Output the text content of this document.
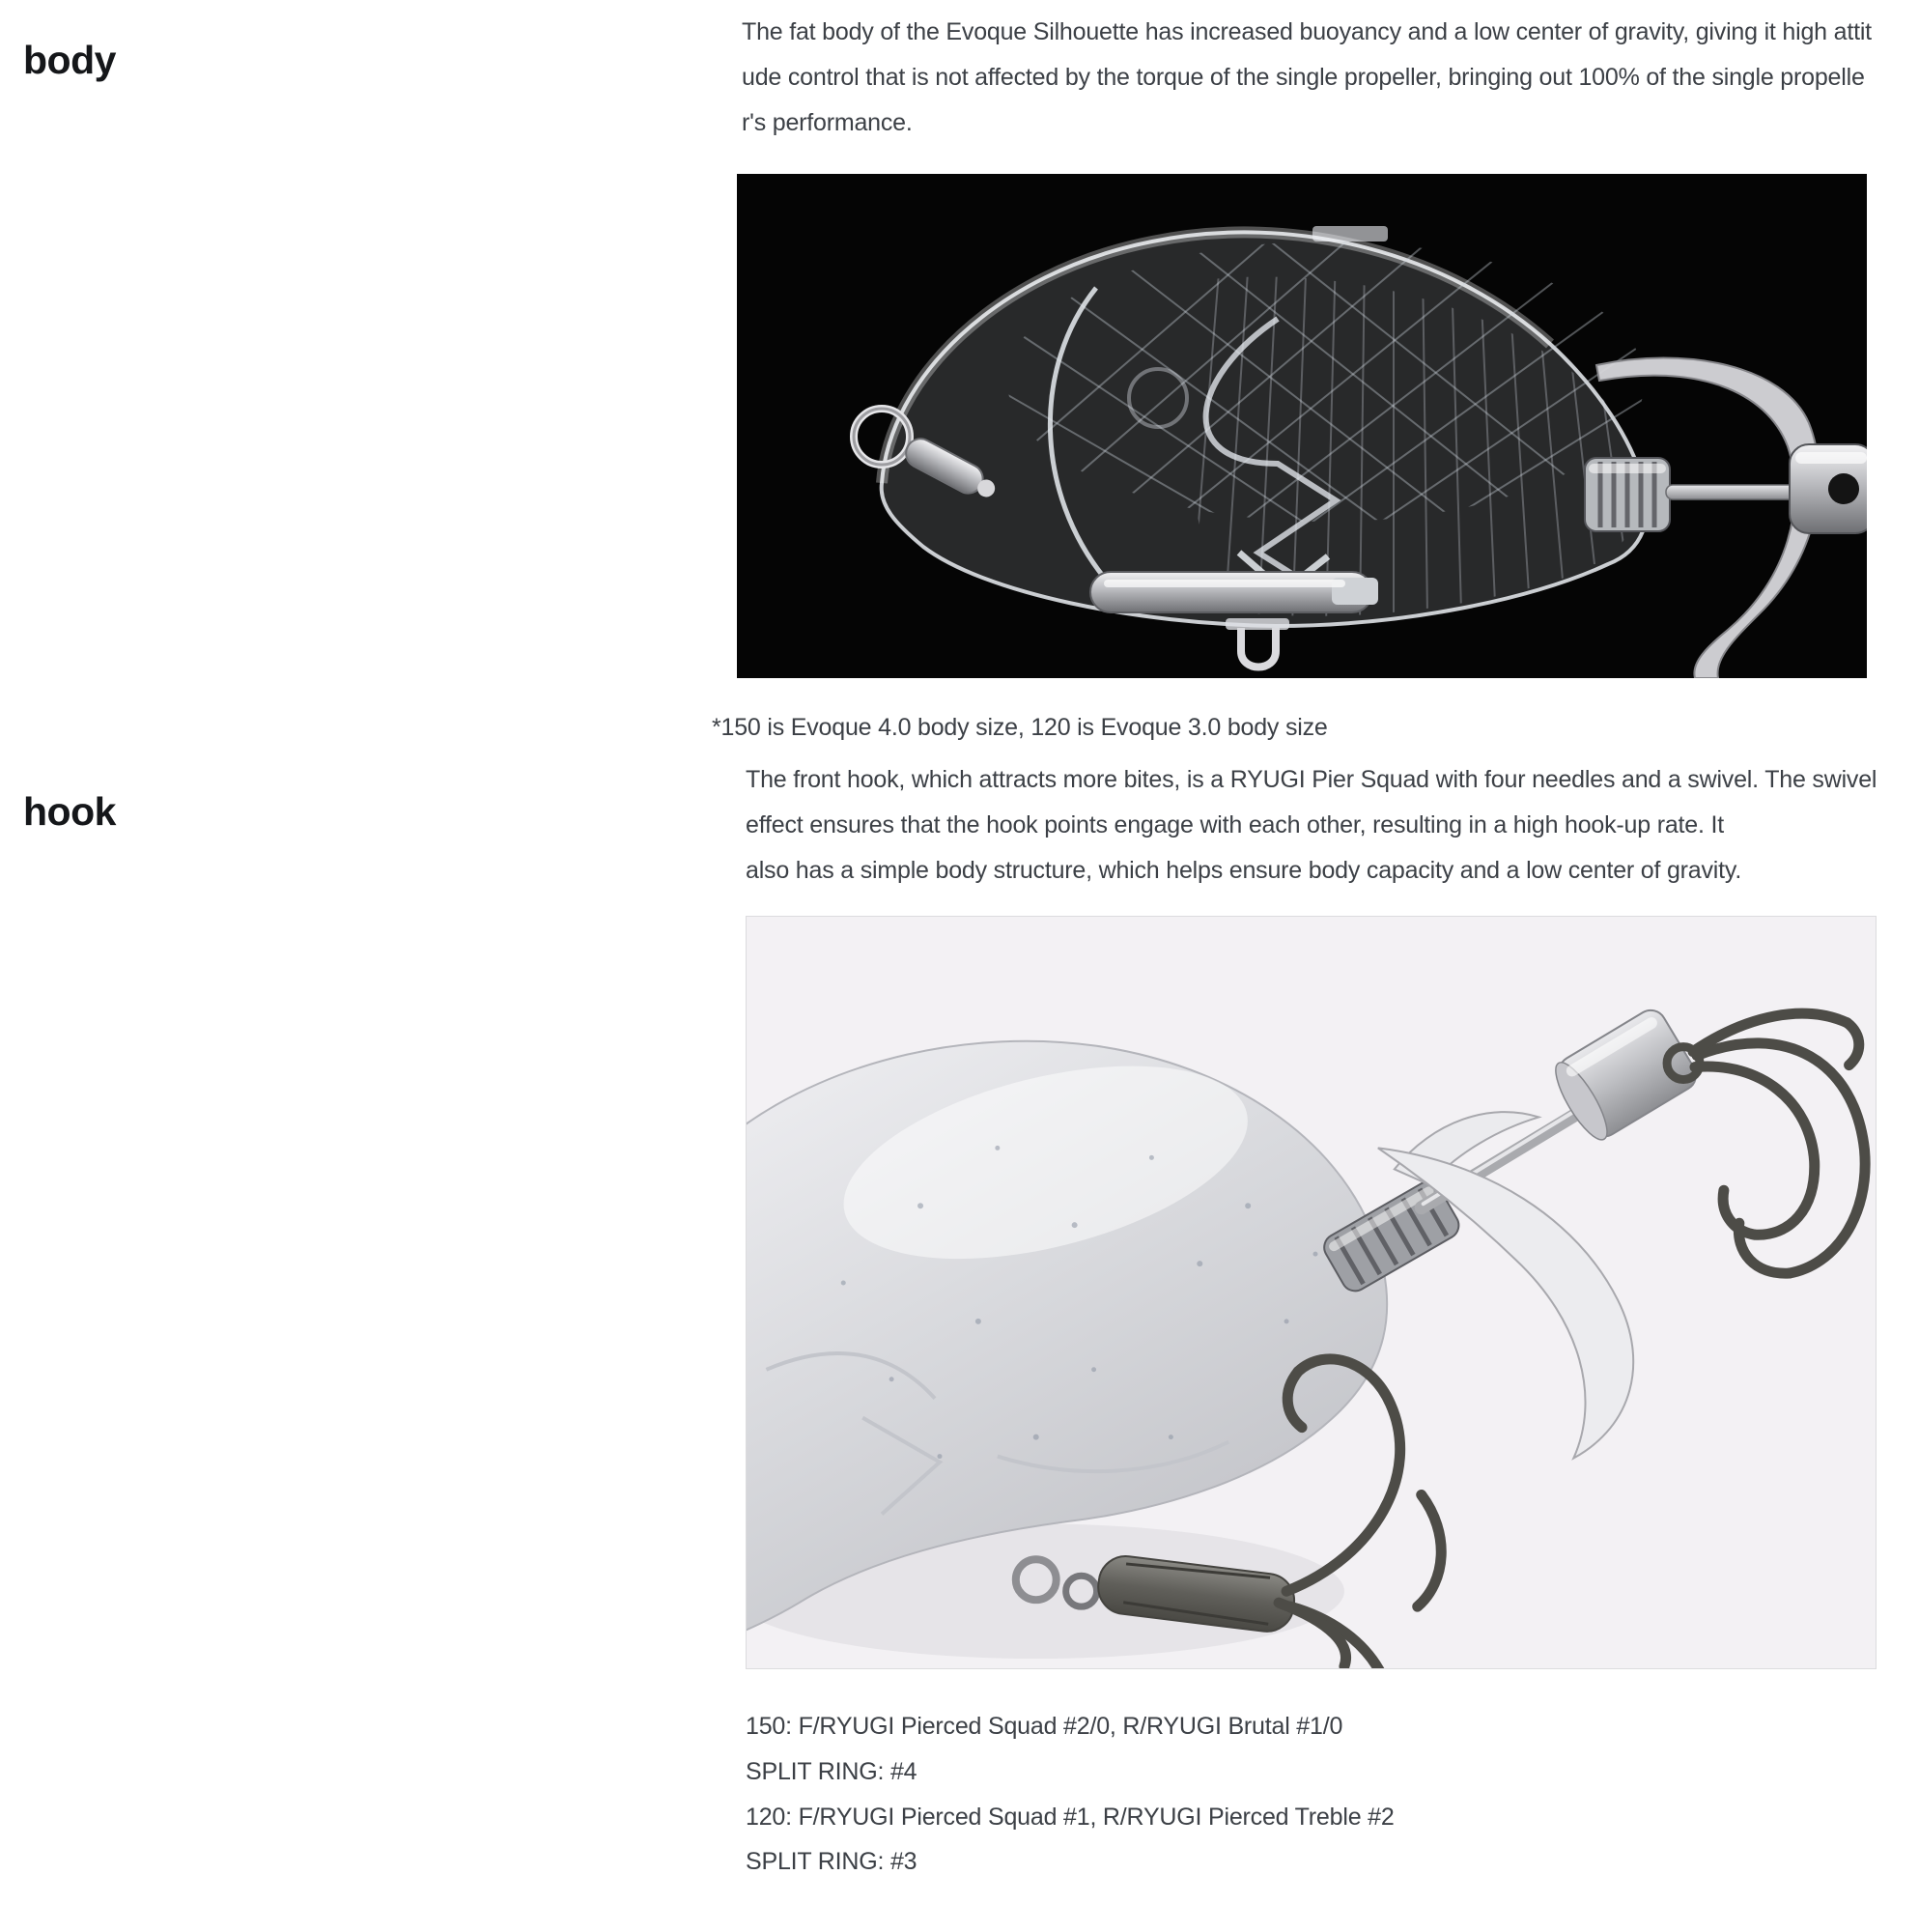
body
The fat body of the Evoque Silhouette has increased buoyancy and a low center of gravity, giving it high attit
ude control that is not affected by the torque of the single propeller, bringing out 100% of the single propelle
r's performance.
*150 is Evoque 4.0 body size, 120 is Evoque 3.0 body size
hook
The front hook, which attracts more bites, is a RYUGI Pier Squad with four needles and a swivel. The swivel
effect ensures that the hook points engage with each other, resulting in a high hook-up rate. It
also has a simple body structure, which helps ensure body capacity and a low center of gravity.
150: F/RYUGI Pierced Squad #2/0, R/RYUGI Brutal #1/0
SPLIT RING: #4
120: F/RYUGI Pierced Squad #1, R/RYUGI Pierced Treble #2
SPLIT RING: #3
